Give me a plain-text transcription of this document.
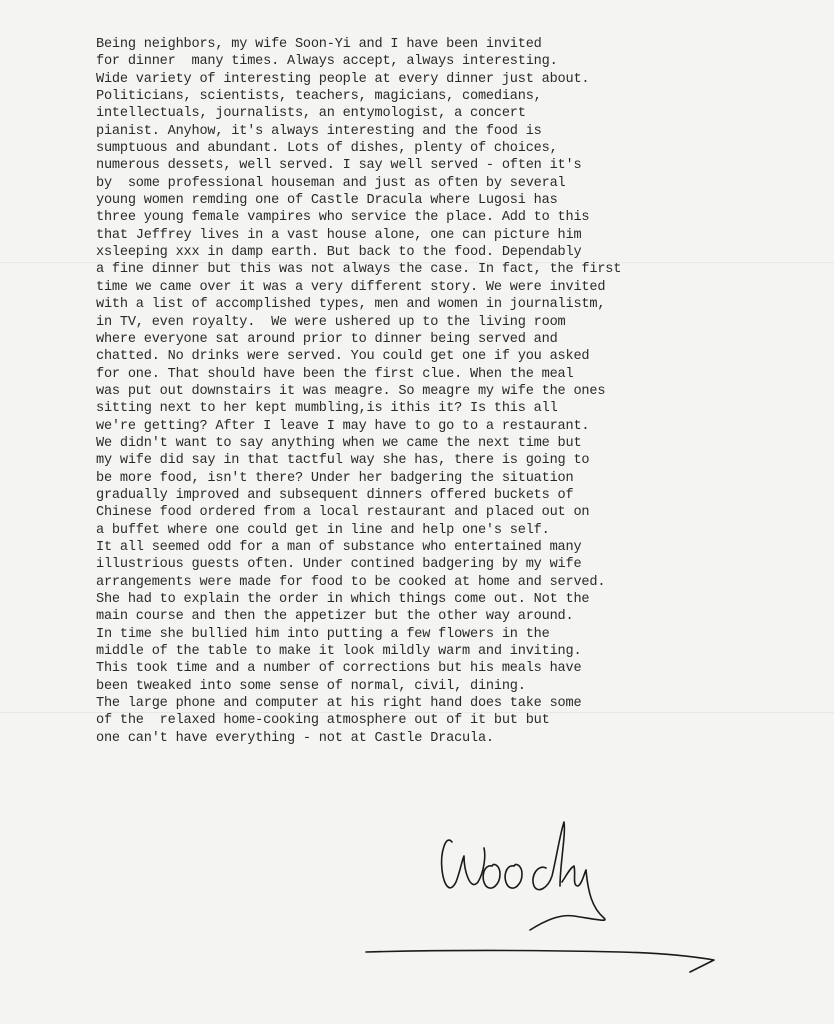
Being neighbors, my wife Soon-Yi and I have been invited
for dinner  many times. Always accept, always interesting.
Wide variety of interesting people at every dinner just about.
Politicians, scientists, teachers, magicians, comedians,
intellectuals, journalists, an entymologist, a concert
pianist. Anyhow, it's always interesting and the food is
sumptuous and abundant. Lots of dishes, plenty of choices,
numerous dessets, well served. I say well served - often it's
by  some professional houseman and just as often by several
young women remding one of Castle Dracula where Lugosi has
three young female vampires who service the place. Add to this
that Jeffrey lives in a vast house alone, one can picture him
xsleeping xxx in damp earth. But back to the food. Dependably
a fine dinner but this was not always the case. In fact, the first
time we came over it was a very different story. We were invited
with a list of accomplished types, men and women in journalistm,
in TV, even royalty.  We were ushered up to the living room
where everyone sat around prior to dinner being served and
chatted. No drinks were served. You could get one if you asked
for one. That should have been the first clue. When the meal
was put out downstairs it was meagre. So meagre my wife the ones
sitting next to her kept mumbling,is ithis it? Is this all
we're getting? After I leave I may have to go to a restaurant.
We didn't want to say anything when we came the next time but
my wife did say in that tactful way she has, there is going to
be more food, isn't there? Under her badgering the situation
gradually improved and subsequent dinners offered buckets of
Chinese food ordered from a local restaurant and placed out on
a buffet where one could get in line and help one's self.
It all seemed odd for a man of substance who entertained many
illustrious guests often. Under contined badgering by my wife
arrangements were made for food to be cooked at home and served.
She had to explain the order in which things come out. Not the
main course and then the appetizer but the other way around.
In time she bullied him into putting a few flowers in the
middle of the table to make it look mildly warm and inviting.
This took time and a number of corrections but his meals have
been tweaked into some sense of normal, civil, dining.
The large phone and computer at his right hand does take some
of the  relaxed home-cooking atmosphere out of it but but
one can't have everything - not at Castle Dracula.
